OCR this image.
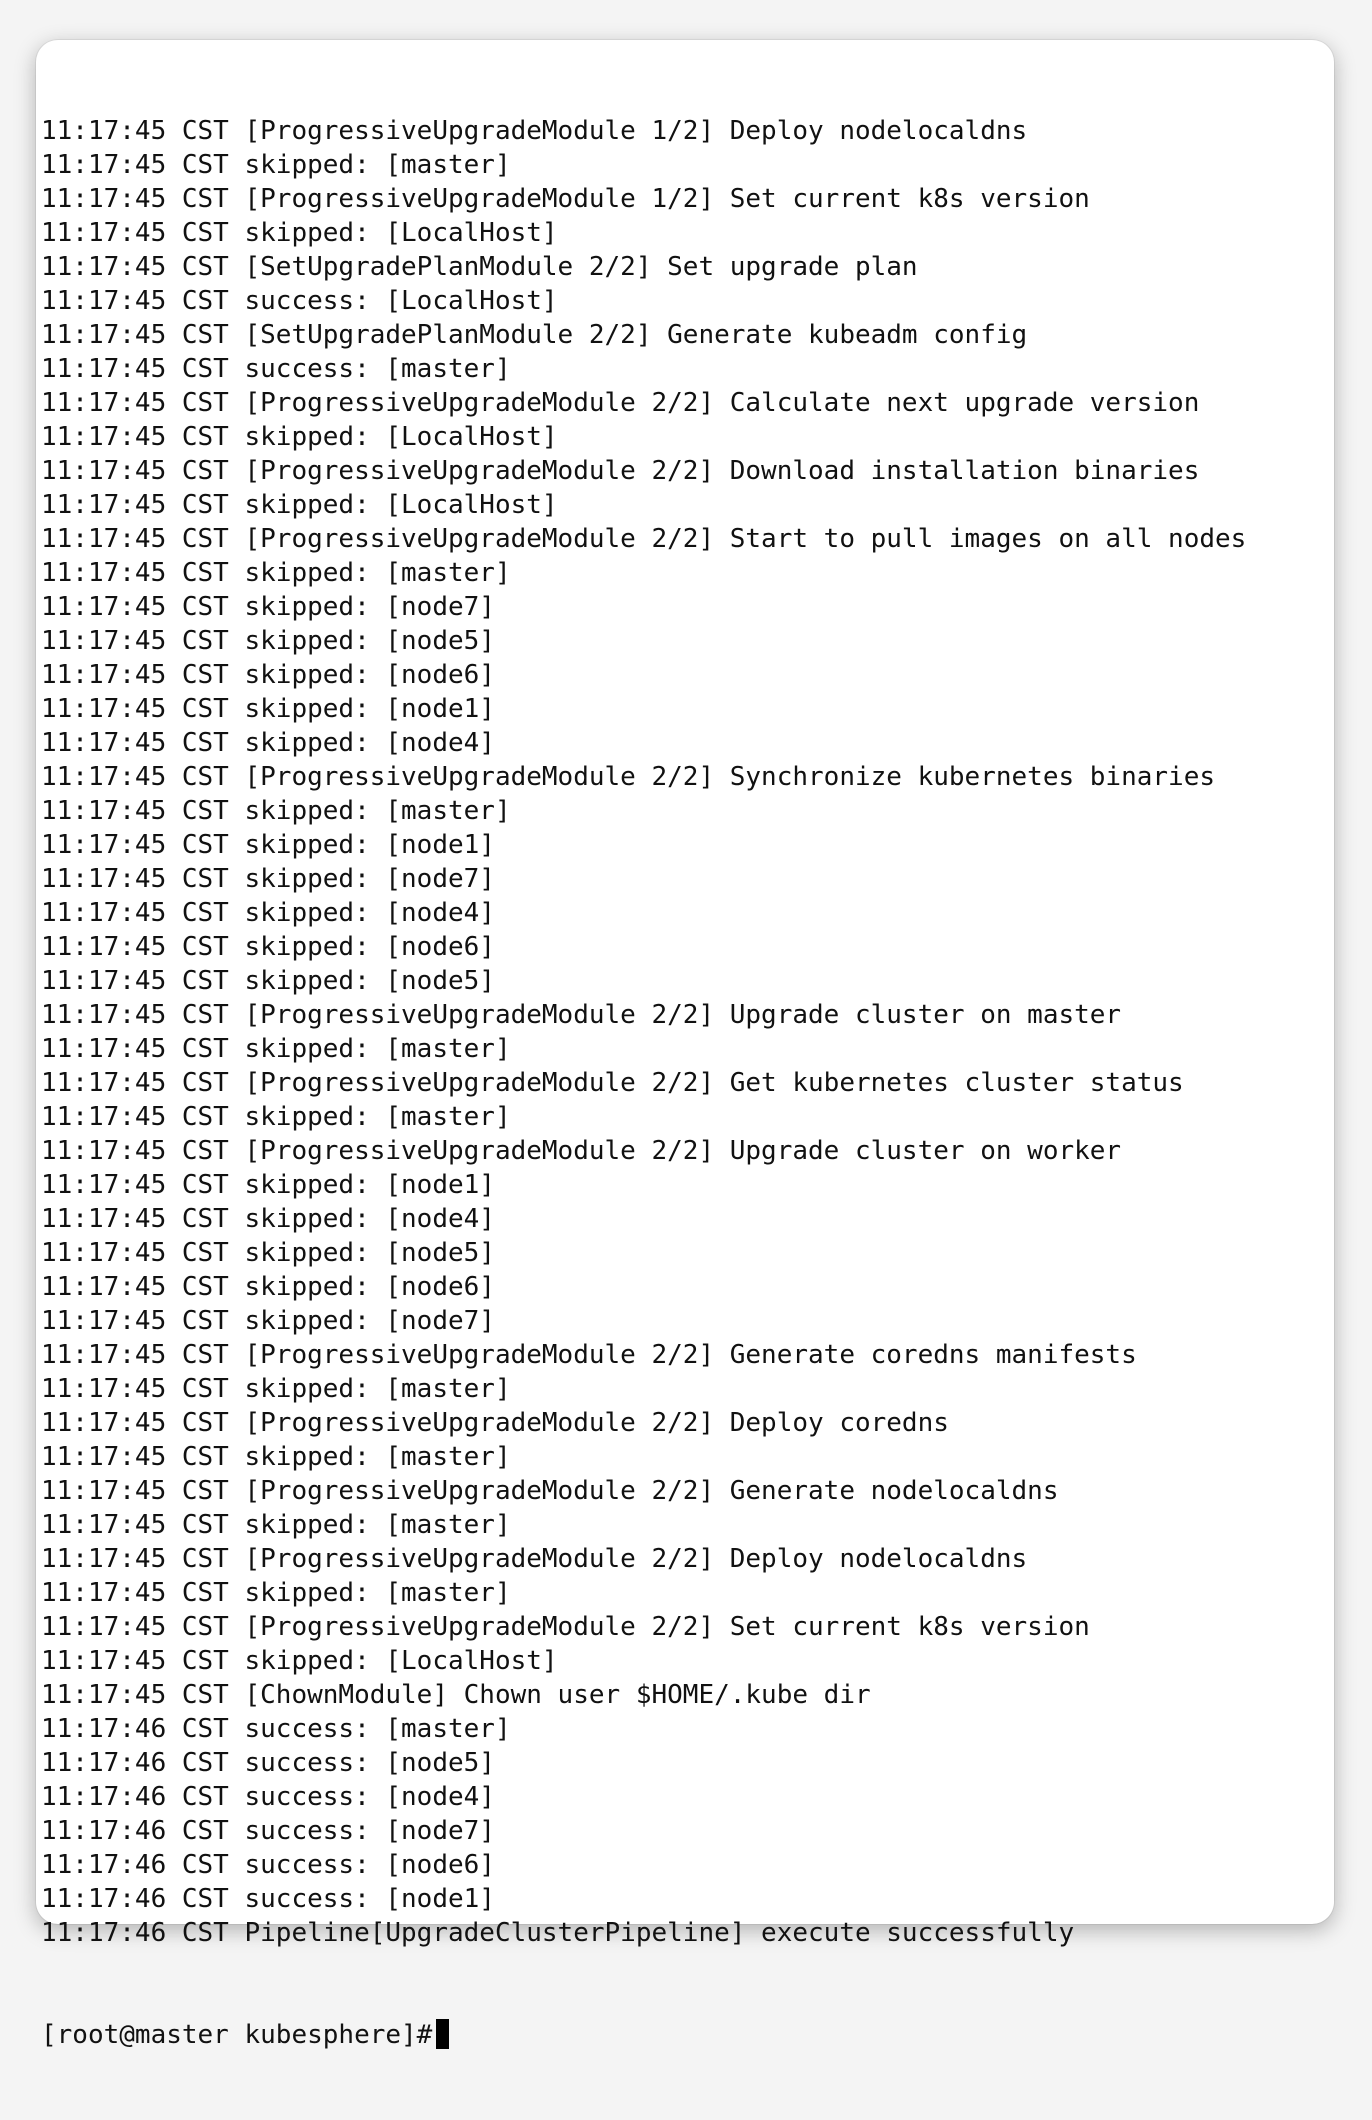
11:17:45 CST [ProgressiveUpgradeModule 1/2] Deploy nodelocaldns
11:17:45 CST skipped: [master]
11:17:45 CST [ProgressiveUpgradeModule 1/2] Set current k8s version
11:17:45 CST skipped: [LocalHost]
11:17:45 CST [SetUpgradePlanModule 2/2] Set upgrade plan
11:17:45 CST success: [LocalHost]
11:17:45 CST [SetUpgradePlanModule 2/2] Generate kubeadm config
11:17:45 CST success: [master]
11:17:45 CST [ProgressiveUpgradeModule 2/2] Calculate next upgrade version
11:17:45 CST skipped: [LocalHost]
11:17:45 CST [ProgressiveUpgradeModule 2/2] Download installation binaries
11:17:45 CST skipped: [LocalHost]
11:17:45 CST [ProgressiveUpgradeModule 2/2] Start to pull images on all nodes
11:17:45 CST skipped: [master]
11:17:45 CST skipped: [node7]
11:17:45 CST skipped: [node5]
11:17:45 CST skipped: [node6]
11:17:45 CST skipped: [node1]
11:17:45 CST skipped: [node4]
11:17:45 CST [ProgressiveUpgradeModule 2/2] Synchronize kubernetes binaries
11:17:45 CST skipped: [master]
11:17:45 CST skipped: [node1]
11:17:45 CST skipped: [node7]
11:17:45 CST skipped: [node4]
11:17:45 CST skipped: [node6]
11:17:45 CST skipped: [node5]
11:17:45 CST [ProgressiveUpgradeModule 2/2] Upgrade cluster on master
11:17:45 CST skipped: [master]
11:17:45 CST [ProgressiveUpgradeModule 2/2] Get kubernetes cluster status
11:17:45 CST skipped: [master]
11:17:45 CST [ProgressiveUpgradeModule 2/2] Upgrade cluster on worker
11:17:45 CST skipped: [node1]
11:17:45 CST skipped: [node4]
11:17:45 CST skipped: [node5]
11:17:45 CST skipped: [node6]
11:17:45 CST skipped: [node7]
11:17:45 CST [ProgressiveUpgradeModule 2/2] Generate coredns manifests
11:17:45 CST skipped: [master]
11:17:45 CST [ProgressiveUpgradeModule 2/2] Deploy coredns
11:17:45 CST skipped: [master]
11:17:45 CST [ProgressiveUpgradeModule 2/2] Generate nodelocaldns
11:17:45 CST skipped: [master]
11:17:45 CST [ProgressiveUpgradeModule 2/2] Deploy nodelocaldns
11:17:45 CST skipped: [master]
11:17:45 CST [ProgressiveUpgradeModule 2/2] Set current k8s version
11:17:45 CST skipped: [LocalHost]
11:17:45 CST [ChownModule] Chown user $HOME/.kube dir
11:17:46 CST success: [master]
11:17:46 CST success: [node5]
11:17:46 CST success: [node4]
11:17:46 CST success: [node7]
11:17:46 CST success: [node6]
11:17:46 CST success: [node1]
11:17:46 CST Pipeline[UpgradeClusterPipeline] execute successfully

[root@master kubesphere]#
